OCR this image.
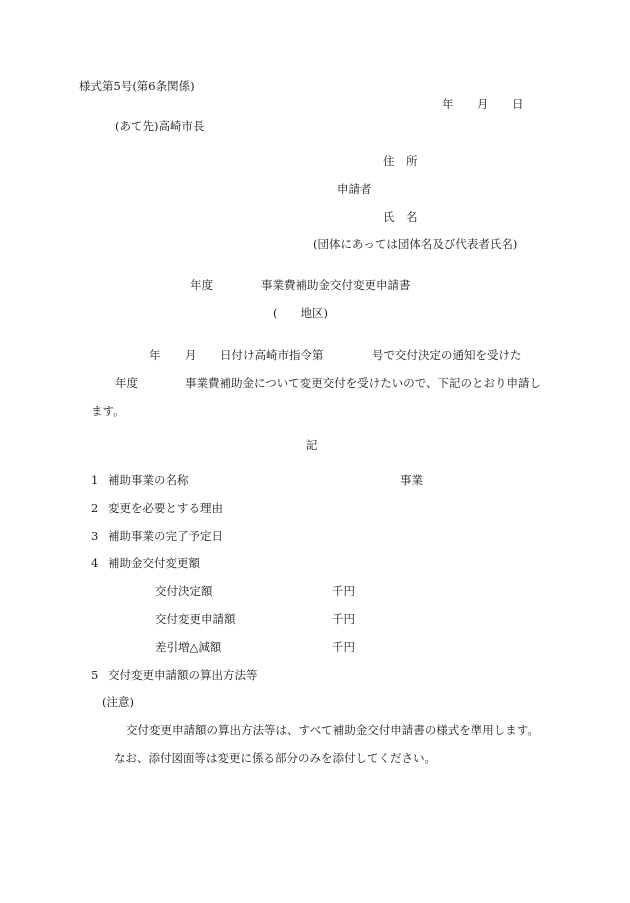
様式第5号(第6条関係)
年 月 日
(あて先)高崎市長
住　所
申請者
氏　名
(団体にあっては団体名及び代表者氏名)
年度	事業費補助金交付変更申請書
(　　地区)
年 月 日付け高崎市指令第	号で交付決定の通知を受けた
年度	事業費補助金について変更交付を受けたいので、下記のとおり申請し
ます。
記
1 補助事業の名称	事業
2 変更を必要とする理由
3 補助事業の完了予定日
4 補助金交付変更額
交付決定額	千円
交付変更申請額	千円
差引増△減額	千円
5 交付変更申請額の算出方法等
(注意)
交付変更申請額の算出方法等は、すべて補助金交付申請書の様式を準用します。
なお、添付図面等は変更に係る部分のみを添付してください。
